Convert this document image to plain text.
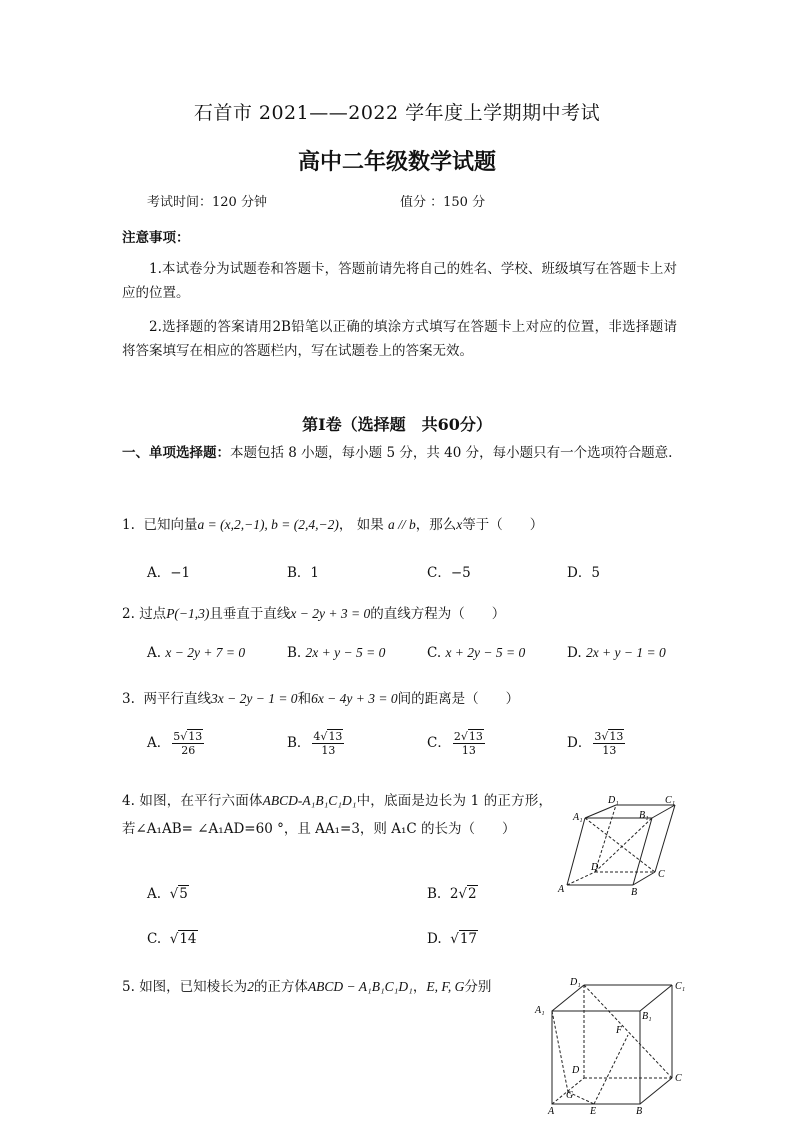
石首市 2021——2022 学年度上学期期中考试
高中二年级数学试题
考试时间：120 分钟	值分 ：150 分
注意事项：
1.本试卷分为试题卷和答题卡，答题前请先将自己的姓名、学校、班级填写在答题卡上对应的位置。
2.选择题的答案请用2B铅笔以正确的填涂方式填写在答题卡上对应的位置，非选择题请将答案填写在相应的答题栏内，写在试题卷上的答案无效。
第Ⅰ卷（选择题　共60分）
一、单项选择题：本题包括 8 小题，每小题 5 分，共 40 分，每小题只有一个选项符合题意.
1. 已知向量a = (x,2,−1), b = (2,4,−2)， 如果 a // b，那么x等于（　　）
A．−1	B．1	C．−5	D．5
2. 过点P(−1,3)且垂直于直线x − 2y + 3 = 0的直线方程为（　　）
A. x − 2y + 7 = 0	B. 2x + y − 5 = 0	C. x + 2y − 5 = 0	D. 2x + y − 1 = 0
3. 两平行直线3x − 2y − 1 = 0和6x − 4y + 3 = 0间的距离是（　　）
A． $\frac{5√13}{26}$	B． $\frac{4√13}{13}$	C． $\frac{2√13}{13}$	D． $\frac{3√13}{13}$
4. 如图，在平行六面体ABCD-A₁B₁C₁D₁中，底面是边长为 1 的正方形，若∠A₁AB= ∠A₁AD=60 °，且 AA₁=3，则 A₁C 的长为（　　）
A.  √5	B. 2√2
C.  √14	D.  √17
D₁	C₁
A₁	B₁
D
C
A	B
5. 如图，已知棱长为2的正方体ABCD − A₁B₁C₁D₁，E, F, G分别	D₁	C₁
A₁
B₁
F
D
C
A
G
E	B
